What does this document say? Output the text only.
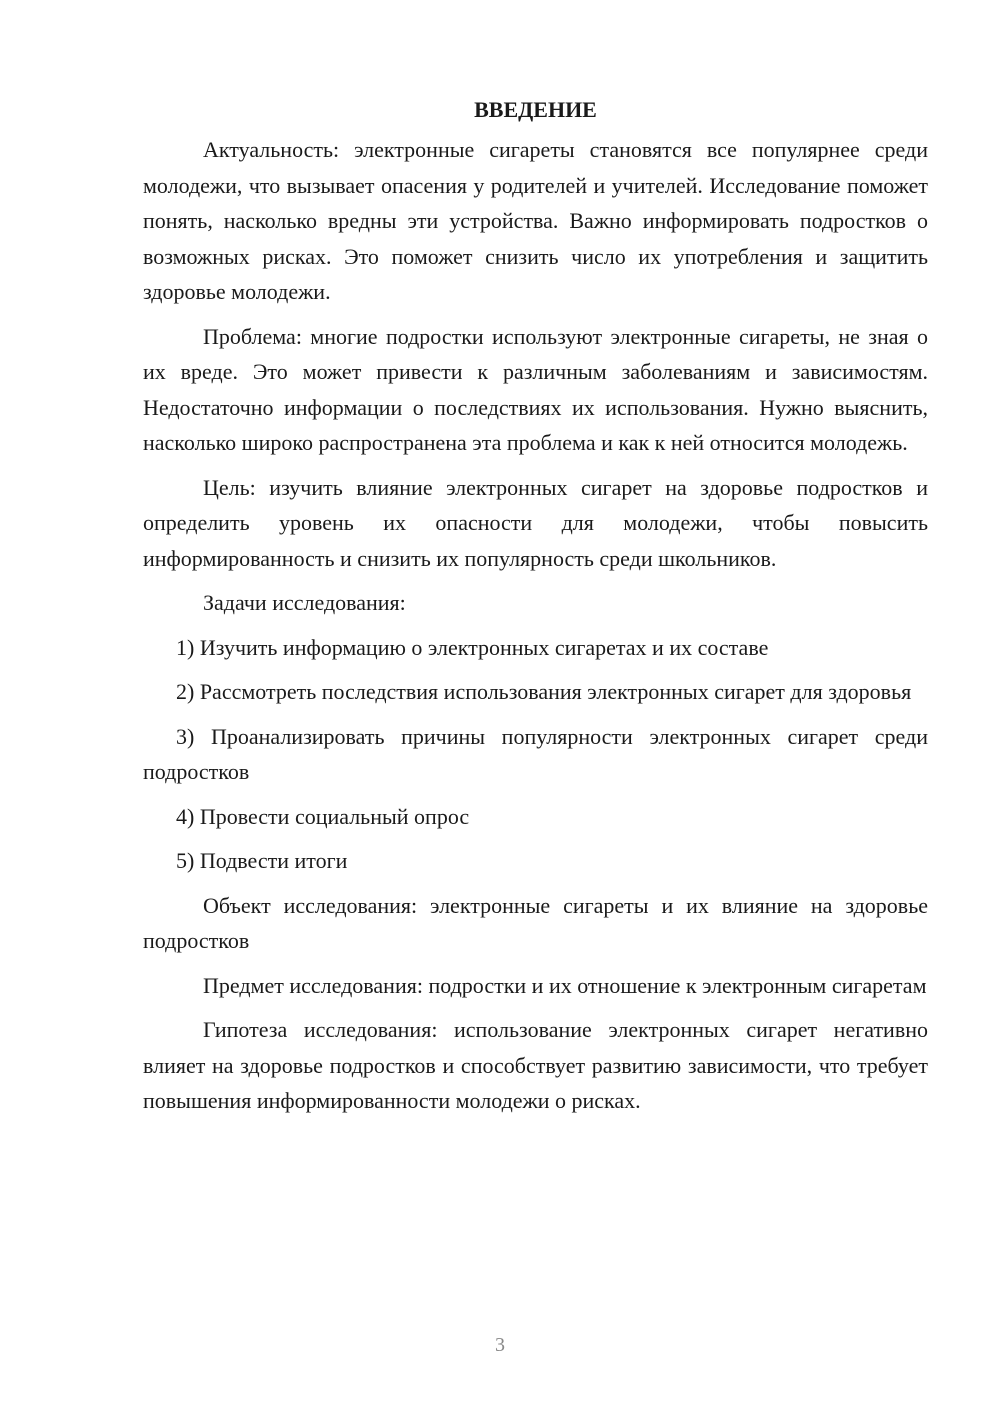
ВВЕДЕНИЕ

Актуальность: электронные сигареты становятся все популярнее среди молодежи, что вызывает опасения у родителей и учителей. Исследование поможет понять, насколько вредны эти устройства. Важно информировать подростков о возможных рисках. Это поможет снизить число их употребления и защитить здоровье молодежи.

Проблема: многие подростки используют электронные сигареты, не зная о их вреде. Это может привести к различным заболеваниям и зависимостям. Недостаточно информации о последствиях их использования. Нужно выяснить, насколько широко распространена эта проблема и как к ней относится молодежь.

Цель: изучить влияние электронных сигарет на здоровье подростков и определить уровень их опасности для молодежи, чтобы повысить информированность и снизить их популярность среди школьников.

Задачи исследования:

1) Изучить информацию о электронных сигаретах и их составе

2) Рассмотреть последствия использования электронных сигарет для здоровья

3) Проанализировать причины популярности электронных сигарет среди подростков

4) Провести социальный опрос

5) Подвести итоги

Объект исследования: электронные сигареты и их влияние на здоровье подростков

Предмет исследования: подростки и их отношение к электронным сигаретам

Гипотеза исследования: использование электронных сигарет негативно влияет на здоровье подростков и способствует развитию зависимости, что требует повышения информированности молодежи о рисках.

3
